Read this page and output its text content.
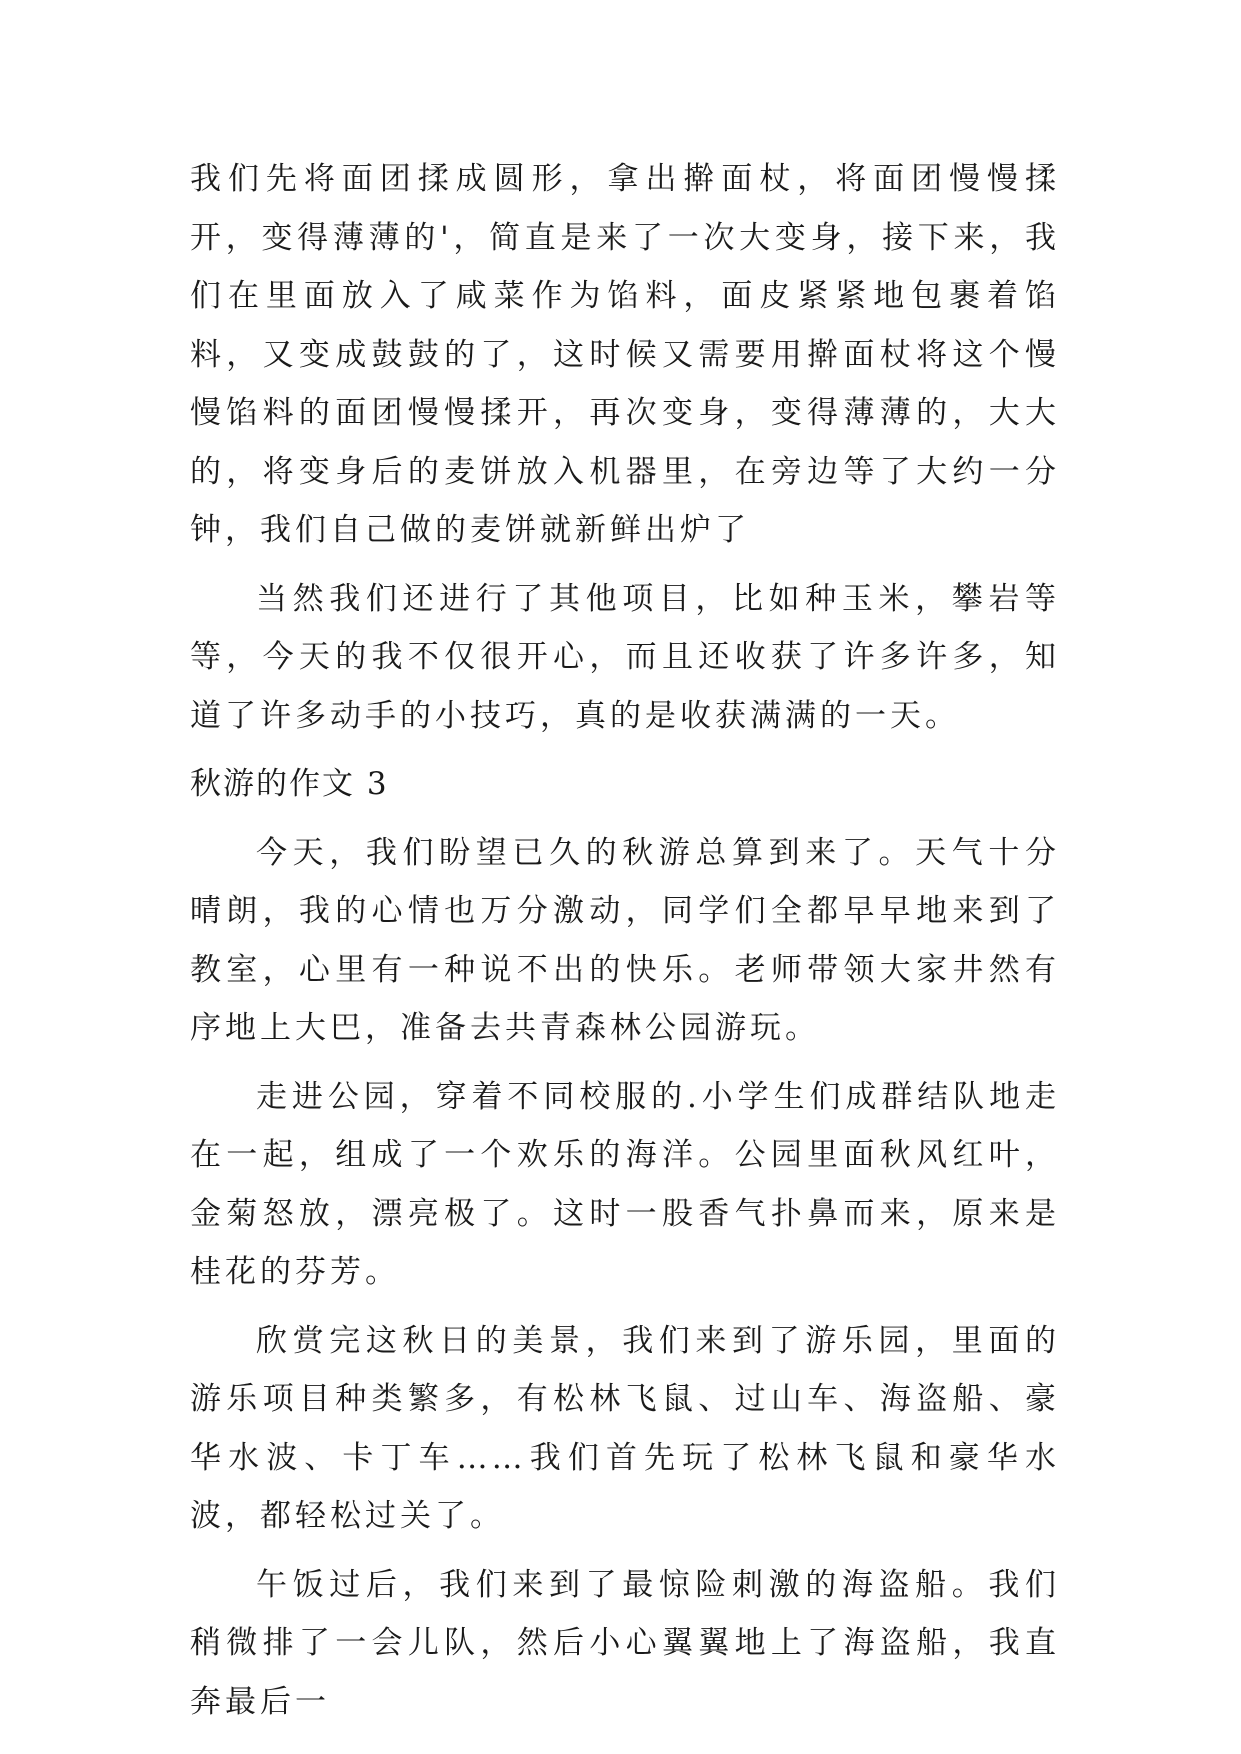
我们先将面团揉成圆形，拿出擀面杖，将面团慢慢揉开，变得薄薄的'，简直是来了一次大变身，接下来，我们在里面放入了咸菜作为馅料，面皮紧紧地包裹着馅料，又变成鼓鼓的了，这时候又需要用擀面杖将这个慢慢馅料的面团慢慢揉开，再次变身，变得薄薄的，大大的，将变身后的麦饼放入机器里，在旁边等了大约一分钟，我们自己做的麦饼就新鲜出炉了

当然我们还进行了其他项目，比如种玉米，攀岩等等，今天的我不仅很开心，而且还收获了许多许多，知道了许多动手的小技巧，真的是收获满满的一天。

秋游的作文 3

今天，我们盼望已久的秋游总算到来了。天气十分晴朗，我的心情也万分激动，同学们全都早早地来到了教室，心里有一种说不出的快乐。老师带领大家井然有序地上大巴，准备去共青森林公园游玩。

走进公园，穿着不同校服的.小学生们成群结队地走在一起，组成了一个欢乐的海洋。公园里面秋风红叶，金菊怒放，漂亮极了。这时一股香气扑鼻而来，原来是桂花的芬芳。

欣赏完这秋日的美景，我们来到了游乐园，里面的游乐项目种类繁多，有松林飞鼠、过山车、海盗船、豪华水波、卡丁车……我们首先玩了松林飞鼠和豪华水波，都轻松过关了。

午饭过后，我们来到了最惊险刺激的海盗船。我们稍微排了一会儿队，然后小心翼翼地上了海盗船，我直奔最后一
